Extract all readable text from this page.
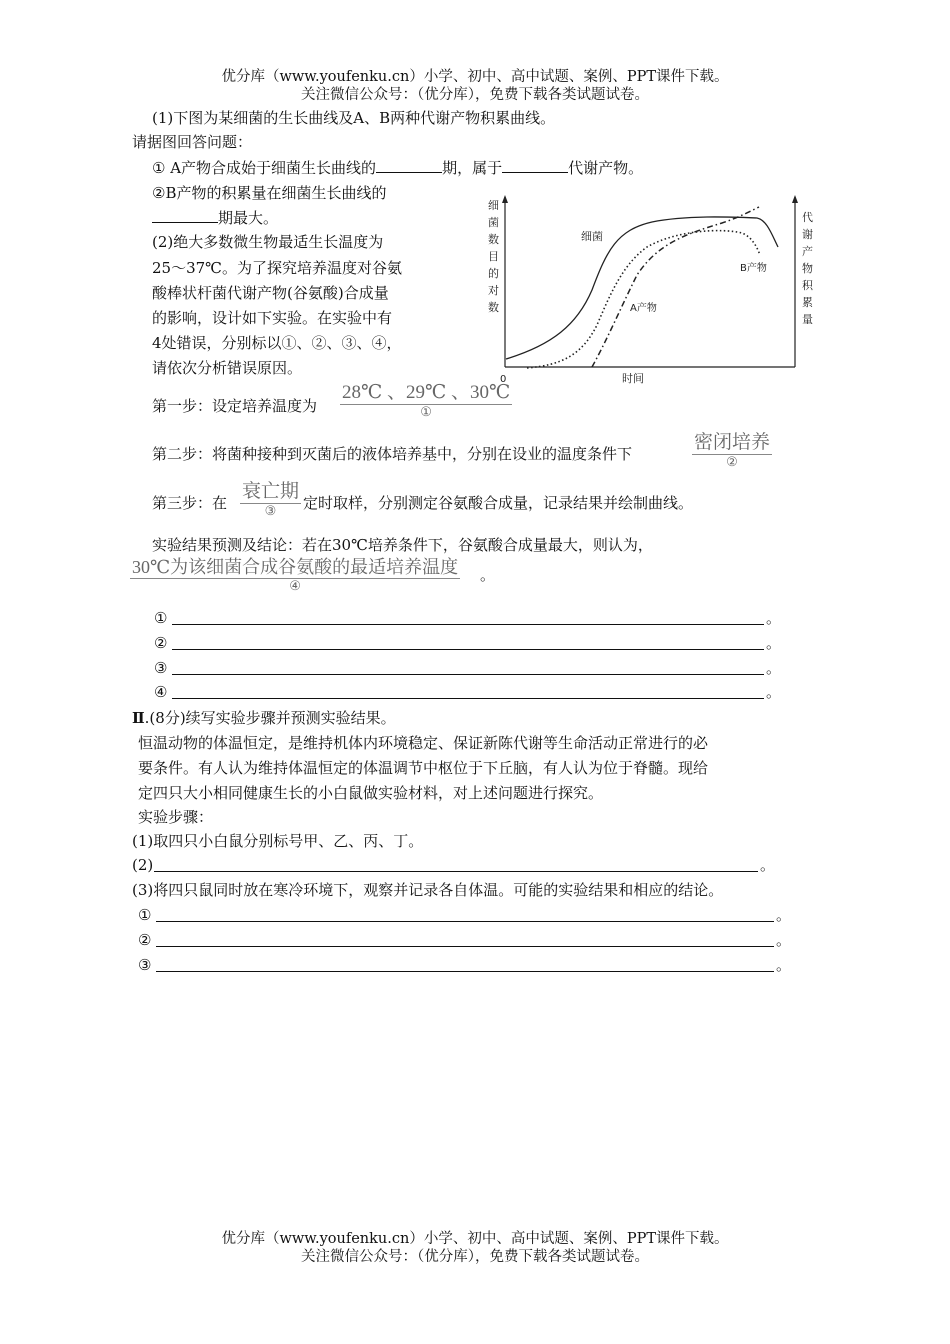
优分库（www.youfenku.cn）小学、初中、高中试题、案例、PPT课件下载。
关注微信公众号：（优分库），免费下载各类试题试卷。
(1)下图为某细菌的生长曲线及A、B两种代谢产物积累曲线。
请据图回答问题：
① A产物合成始于细菌生长曲线的	期，属于	代谢产物。
②B产物的积累量在细菌生长曲线的
期最大。
(2)绝大多数微生物最适生长温度为
25～37℃。为了探究培养温度对谷氨
酸棒状杆菌代谢产物(谷氨酸)合成量
的影响，设计如下实验。在实验中有
4处错误，分别标以①、②、③、④，
请依次分析错误原因。
细
菌
数
目
的
对
数
代
谢
产
物
积
累
量
细菌
B产物
A产物
0	时间
第一步：设定培养温度为
28℃ 、29℃ 、30℃
①
第二步：将菌种接种到灭菌后的液体培养基中，分别在设业的温度条件下
密闭培养
②
第三步：在
衰亡期
③	定时取样，分别测定谷氨酸合成量，记录结果并绘制曲线。
实验结果预测及结论：若在30℃培养条件下，谷氨酸合成量最大，则认为，
30℃为该细菌合成谷氨酸的最适培养温度
④
。
①	。
②	。
③	。
④	。
Ⅱ.(8分)续写实验步骤并预测实验结果。
恒温动物的体温恒定，是维持机体内环境稳定、保证新陈代谢等生命活动正常进行的必
要条件。有人认为维持体温恒定的体温调节中枢位于下丘脑，有人认为位于脊髓。现给
定四只大小相同健康生长的小白鼠做实验材料，对上述问题进行探究。
实验步骤：
(1)取四只小白鼠分别标号甲、乙、丙、丁。
(2)	。
(3)将四只鼠同时放在寒冷环境下，观察并记录各自体温。可能的实验结果和相应的结论。
①	。
②	。
③	。
优分库（www.youfenku.cn）小学、初中、高中试题、案例、PPT课件下载。
关注微信公众号：（优分库），免费下载各类试题试卷。
